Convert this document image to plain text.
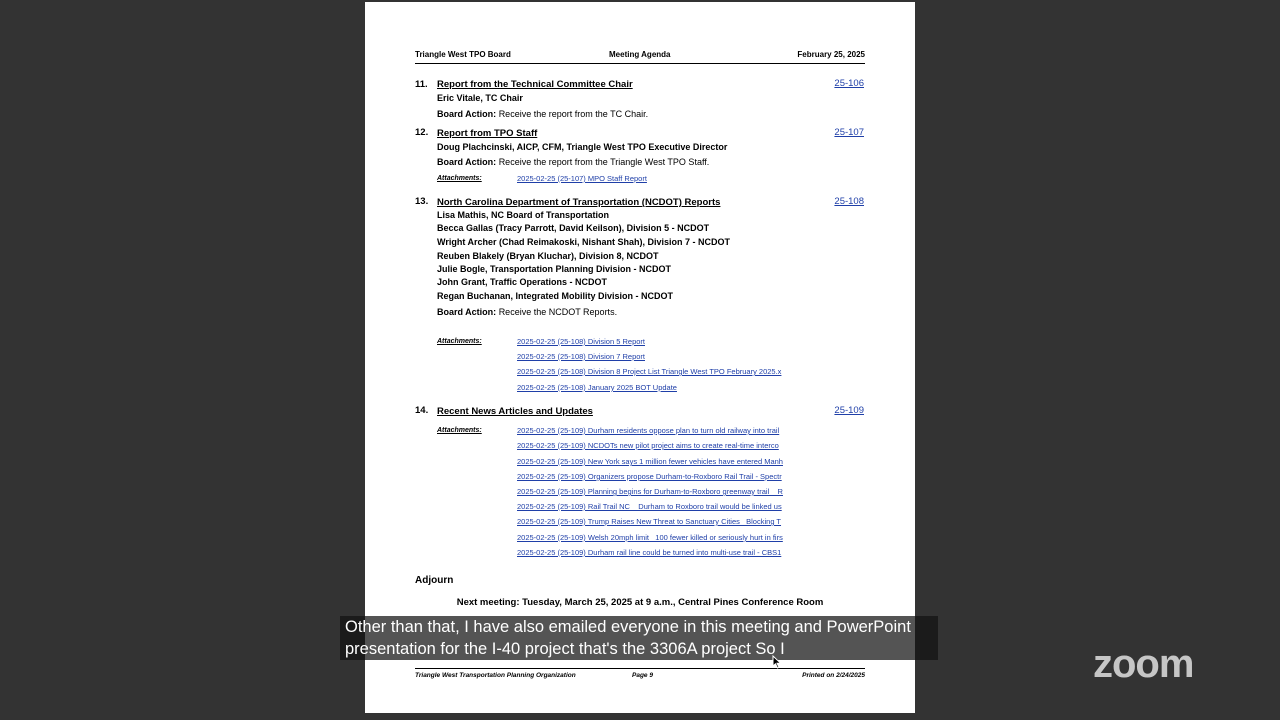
Triangle West TPO Board	Meeting Agenda	February 25, 2025
11. Report from the Technical Committee Chair	25-106
Eric Vitale, TC Chair
Board Action: Receive the report from the TC Chair.
12. Report from TPO Staff	25-107
Doug Plachcinski, AICP, CFM, Triangle West TPO Executive Director
Board Action: Receive the report from the Triangle West TPO Staff.
Attachments:	2025-02-25 (25-107) MPO Staff Report
13. North Carolina Department of Transportation (NCDOT) Reports	25-108
Lisa Mathis, NC Board of Transportation
Becca Gallas (Tracy Parrott, David Keilson), Division 5 - NCDOT
Wright Archer (Chad Reimakoski, Nishant Shah), Division 7 - NCDOT
Reuben Blakely (Bryan Kluchar), Division 8, NCDOT
Julie Bogle, Transportation Planning Division - NCDOT
John Grant, Traffic Operations - NCDOT
Regan Buchanan, Integrated Mobility Division - NCDOT
Board Action: Receive the NCDOT Reports.
Attachments:	2025-02-25 (25-108) Division 5 Report
2025-02-25 (25-108) Division 7 Report
2025-02-25 (25-108) Division 8 Project List Triangle West TPO February 2025.x
2025-02-25 (25-108) January 2025 BOT Update
14. Recent News Articles and Updates	25-109
Attachments:	2025-02-25 (25-109) Durham residents oppose plan to turn old railway into trail
2025-02-25 (25-109) NCDOTs new pilot project aims to create real-time interco
2025-02-25 (25-109) New York says 1 million fewer vehicles have entered Manh
2025-02-25 (25-109) Organizers propose Durham-to-Roxboro Rail Trail - Spectr
2025-02-25 (25-109) Planning begins for Durham-to-Roxboro greenway trail _ R
2025-02-25 (25-109) Rail Trail NC _ Durham to Roxboro trail would be linked us
2025-02-25 (25-109) Trump Raises New Threat to Sanctuary Cities_ Blocking T
2025-02-25 (25-109) Welsh 20mph limit_ 100 fewer killed or seriously hurt in firs
2025-02-25 (25-109) Durham rail line could be turned into multi-use trail - CBS1
Adjourn
Next meeting: Tuesday, March 25, 2025 at 9 a.m., Central Pines Conference Room
Triangle West Transportation Planning Organization	Page 9	Printed on 2/24/2025
Other than that, I have also emailed everyone in this meeting and PowerPoint
presentation for the I-40 project that's the 3306A project So I	zoom
